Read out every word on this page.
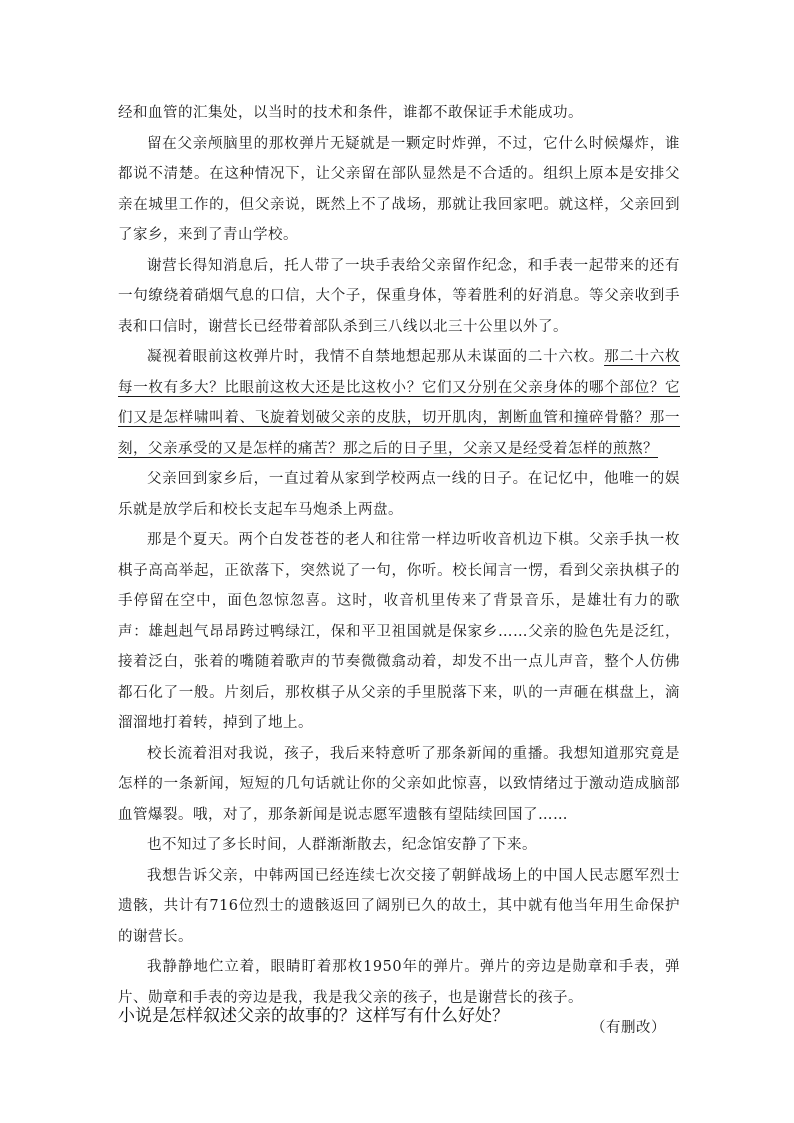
经和血管的汇集处，以当时的技术和条件，谁都不敢保证手术能成功。

留在父亲颅脑里的那枚弹片无疑就是一颗定时炸弹，不过，它什么时候爆炸，谁都说不清楚。在这种情况下，让父亲留在部队显然是不合适的。组织上原本是安排父亲在城里工作的，但父亲说，既然上不了战场，那就让我回家吧。就这样，父亲回到了家乡，来到了青山学校。

谢营长得知消息后，托人带了一块手表给父亲留作纪念，和手表一起带来的还有一句缭绕着硝烟气息的口信，大个子，保重身体，等着胜利的好消息。等父亲收到手表和口信时，谢营长已经带着部队杀到三八线以北三十公里以外了。

凝视着眼前这枚弹片时，我情不自禁地想起那从未谋面的二十六枚。那二十六枚每一枚有多大？比眼前这枚大还是比这枚小？它们又分别在父亲身体的哪个部位？它们又是怎样啸叫着、飞旋着划破父亲的皮肤，切开肌肉，割断血管和撞碎骨骼？那一刻，父亲承受的又是怎样的痛苦？那之后的日子里，父亲又是经受着怎样的煎熬？

父亲回到家乡后，一直过着从家到学校两点一线的日子。在记忆中，他唯一的娱乐就是放学后和校长支起车马炮杀上两盘。

那是个夏天。两个白发苍苍的老人和往常一样边听收音机边下棋。父亲手执一枚棋子高高举起，正欲落下，突然说了一句，你听。校长闻言一愣，看到父亲执棋子的手停留在空中，面色忽惊忽喜。这时，收音机里传来了背景音乐，是雄壮有力的歌声：雄赳赳气昂昂跨过鸭绿江，保和平卫祖国就是保家乡……父亲的脸色先是泛红，接着泛白，张着的嘴随着歌声的节奏微微翕动着，却发不出一点儿声音，整个人仿佛都石化了一般。片刻后，那枚棋子从父亲的手里脱落下来，叭的一声砸在棋盘上，滴溜溜地打着转，掉到了地上。

校长流着泪对我说，孩子，我后来特意听了那条新闻的重播。我想知道那究竟是怎样的一条新闻，短短的几句话就让你的父亲如此惊喜，以致情绪过于激动造成脑部血管爆裂。哦，对了，那条新闻是说志愿军遗骸有望陆续回国了……

也不知过了多长时间，人群渐渐散去，纪念馆安静了下来。

我想告诉父亲，中韩两国已经连续七次交接了朝鲜战场上的中国人民志愿军烈士遗骸，共计有716位烈士的遗骸返回了阔别已久的故土，其中就有他当年用生命保护的谢营长。

我静静地伫立着，眼睛盯着那枚1950年的弹片。弹片的旁边是勋章和手表，弹片、勋章和手表的旁边是我，我是我父亲的孩子，也是谢营长的孩子。

（有删改）

小说是怎样叙述父亲的故事的？这样写有什么好处？
